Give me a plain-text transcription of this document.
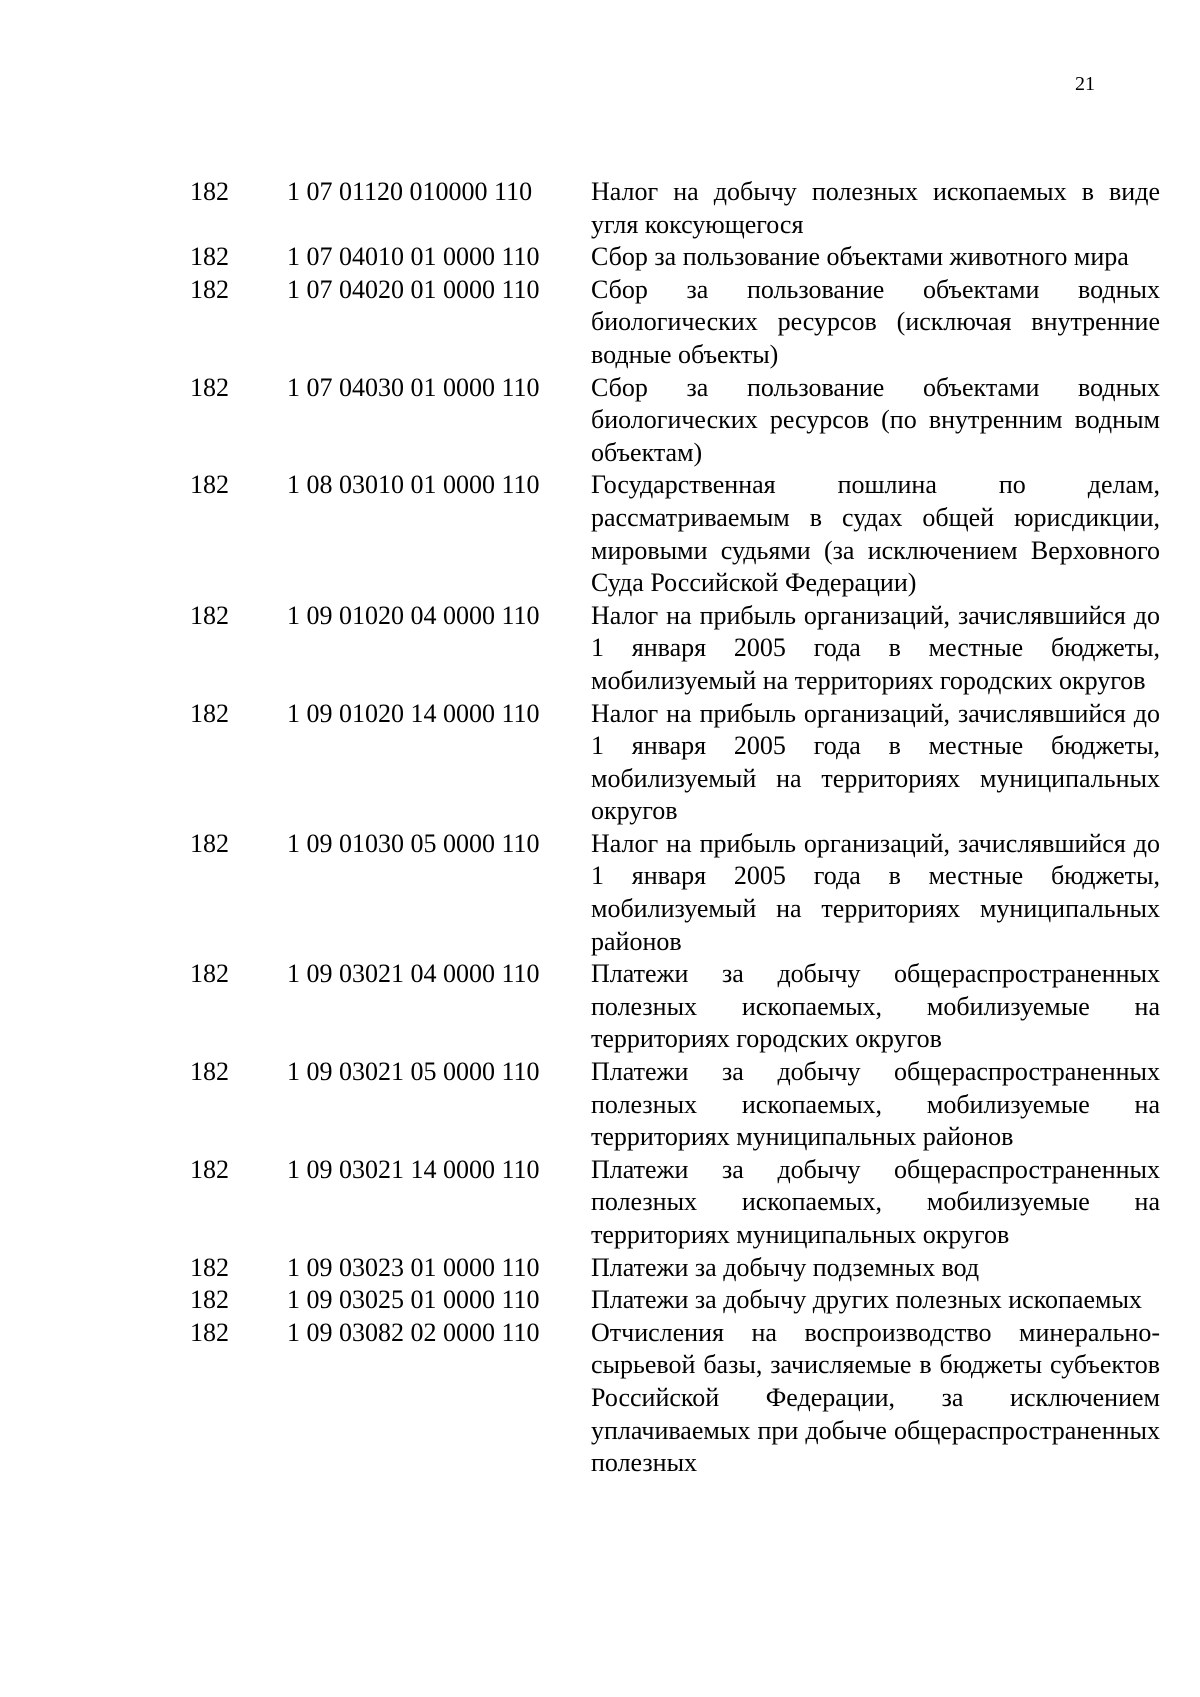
21
182	1 07 01120 010000 110	Налог на добычу полезных ископаемых в виде угля коксующегося
182	1 07 04010 01 0000 110	Сбор за пользование объектами животного мира
182	1 07 04020 01 0000 110	Сбор за пользование объектами водных биологических ресурсов (исключая внутренние водные объекты)
182	1 07 04030 01 0000 110	Сбор за пользование объектами водных биологических ресурсов (по внутренним водным объектам)
182	1 08 03010 01 0000 110	Государственная пошлина по делам, рассматриваемым в судах общей юрисдикции, мировыми судьями (за исключением Верховного Суда Российской Федерации)
182	1 09 01020 04 0000 110	Налог на прибыль организаций, зачислявшийся до 1 января 2005 года в местные бюджеты, мобилизуемый на территориях городских округов
182	1 09 01020 14 0000 110	Налог на прибыль организаций, зачислявшийся до 1 января 2005 года в местные бюджеты, мобилизуемый на территориях муниципальных округов
182	1 09 01030 05 0000 110	Налог на прибыль организаций, зачислявшийся до 1 января 2005 года в местные бюджеты, мобилизуемый на территориях муниципальных районов
182	1 09 03021 04 0000 110	Платежи за добычу общераспространенных полезных ископаемых, мобилизуемые на территориях городских округов
182	1 09 03021 05 0000 110	Платежи за добычу общераспространенных полезных ископаемых, мобилизуемые на территориях муниципальных районов
182	1 09 03021 14 0000 110	Платежи за добычу общераспространенных полезных ископаемых, мобилизуемые на территориях муниципальных округов
182	1 09 03023 01 0000 110	Платежи за добычу подземных вод
182	1 09 03025 01 0000 110	Платежи за добычу других полезных ископаемых
182	1 09 03082 02 0000 110	Отчисления на воспроизводство минерально-сырьевой базы, зачисляемые в бюджеты субъектов Российской Федерации, за исключением уплачиваемых при добыче общераспространенных полезных
